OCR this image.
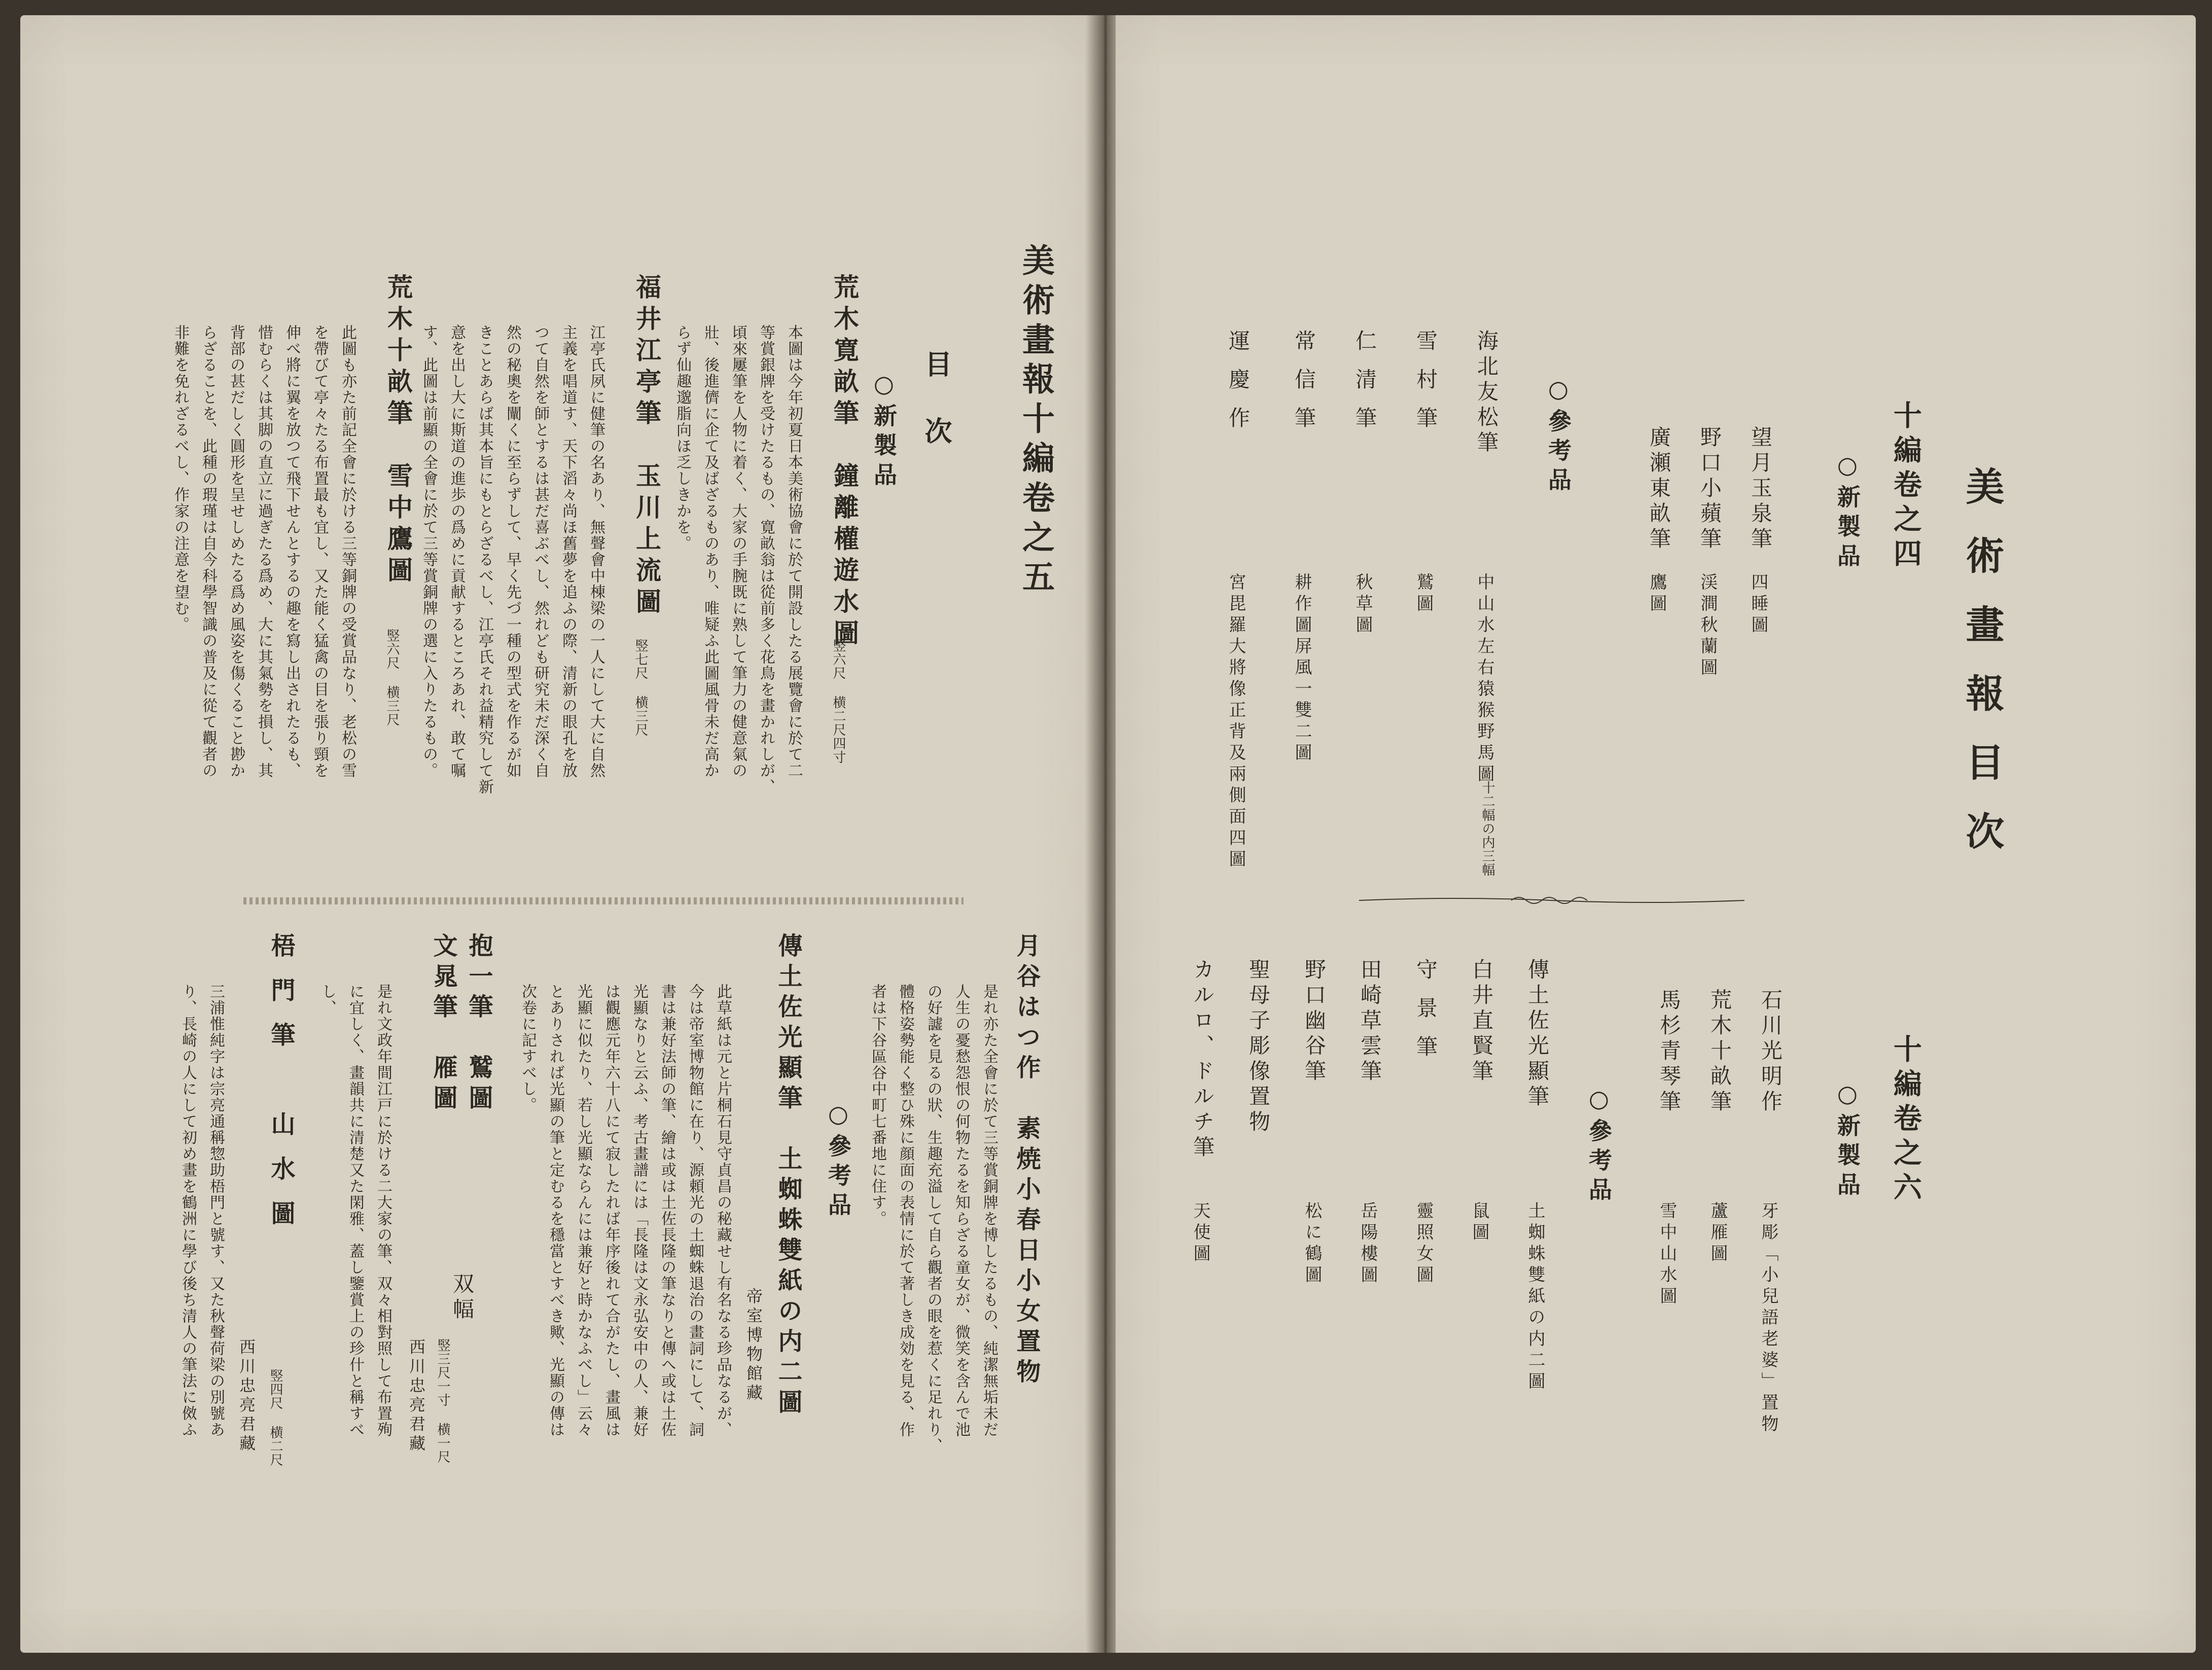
美術畫報十編卷之五
目　次
○新製品
荒木寛畝筆　鐘離權遊水圖
竪六尺 横二尺四寸
本圖は今年初夏日本美術協會に於て開設したる展覽會に於て二
等賞銀牌を受けたるもの、寛畝翁は從前多く花鳥を畫かれしが、
頃來屢筆を人物に着く、大家の手腕既に熟して筆力の健意氣の
壯、後進儕に企て及ばざるものあり、唯疑ふ此圖風骨未だ高か
らず仙趣邈脂向ほ乏しきかを。
福井江亭筆　玉川上流圖
竪七尺 横三尺
江亭氏夙に健筆の名あり、無聲會中棟梁の一人にして大に自然
主義を唱道す、天下滔々尚ほ舊夢を追ふの際、清新の眼孔を放
つて自然を師とするは甚だ喜ぶべし、然れども研究未だ深く自
然の秘奧を闡くに至らずして、早く先づ一種の型式を作るが如
きことあらば其本旨にもとらざるべし、江亭氏それ益精究して新
意を出し大に斯道の進歩の爲めに貢献するところあれ、敢て嘱
す、此圖は前顯の全會に於て三等賞銅牌の選に入りたるもの。
荒木十畝筆　雪中鷹圖
竪六尺 横三尺
此圖も亦た前記全會に於ける三等銅牌の受賞品なり、老松の雪
を帶びて亭々たる布置最も宜し、又た能く猛禽の目を張り頸を
伸べ將に翼を放つて飛下せんとするの趣を寫し出されたるも、
惜むらくは其脚の直立に過ぎたる爲め、大に其氣勢を損し、其
背部の甚だしく圓形を呈せしめたる爲め風姿を傷くること尠か
らざることを、此種の瑕瑾は自今科學智識の普及に從て觀者の
非難を免れざるべし、作家の注意を望む。
月谷はつ作　素焼小春日小女置物
是れ亦た全會に於て三等賞銅牌を博したるもの、純潔無垢未だ
人生の憂愁怨恨の何物たるを知らざる童女が、微笑を含んで池
の好譃を見るの狀、生趣充溢して自ら觀者の眼を惹くに足れり、
體格姿勢能く整ひ殊に顔面の表情に於て著しき成効を見る、作
者は下谷區谷中町七番地に住す。
○參考品
傳土佐光顯筆　土蜘蛛雙紙の内二圖
帝室博物館藏
此草紙は元と片桐石見守貞昌の秘藏せし有名なる珍品なるが、
今は帝室博物館に在り、源頼光の土蜘蛛退治の畫詞にして、詞
書は兼好法師の筆、繪は或は土佐長隆の筆なりと傳へ或は土佐
光顯なりと云ふ、考古畫譜には「長隆は文永弘安中の人、兼好
は觀應元年六十八にて寂したれば年序後れて合がたし、畫風は
光顯に似たり、若し光顯ならんには兼好と時かなふべし」云々
とありされば光顯の筆と定むるを穩當とすべき歟、光顯の傳は
次卷に記すべし。
抱一筆　鷲圖
文晁筆　雁圖
双幅
竪三尺一寸 横一尺
西川忠亮君藏
是れ文政年間江戸に於ける二大家の筆、双々相對照して布置殉
に宜しく、畫韻共に清楚又た閑雅、蓋し鑒賞上の珍什と稱すべ
し、
梧門筆　山水圖
竪四尺 横二尺
西川忠亮君藏
三浦惟純字は宗亮通稱惣助梧門と號す、又た秋聲荷梁の別號あ
り、長崎の人にして初め畫を鶴洲に學び後ち清人の筆法に傚ふ
美術畫報目次
十編卷之四
○新製品
望月玉泉筆
四睡圖
野口小蘋筆
渓澗秋蘭圖
廣瀬東畝筆
鷹圖
○參考品
海北友松筆
中山水左右猿猴野馬圖
十二幅の内三幅
雪村筆
鷲圖
仁清筆
秋草圖
常信筆
耕作圖屏風一雙二圖
運慶作
宮毘羅大將像正背及兩側面四圖
十編卷之六
○新製品
石川光明作
牙彫「小兒語老婆」置物
荒木十畝筆
蘆雁圖
馬杉青琴筆
雪中山水圖
○參考品
傳土佐光顯筆
土蜘蛛雙紙の内二圖
白井直賢筆
鼠圖
守景筆
靈照女圖
田崎草雲筆
岳陽樓圖
野口幽谷筆
松に鶴圖
聖母子彫像置物
カルロ、ドルチ筆
天使圖
